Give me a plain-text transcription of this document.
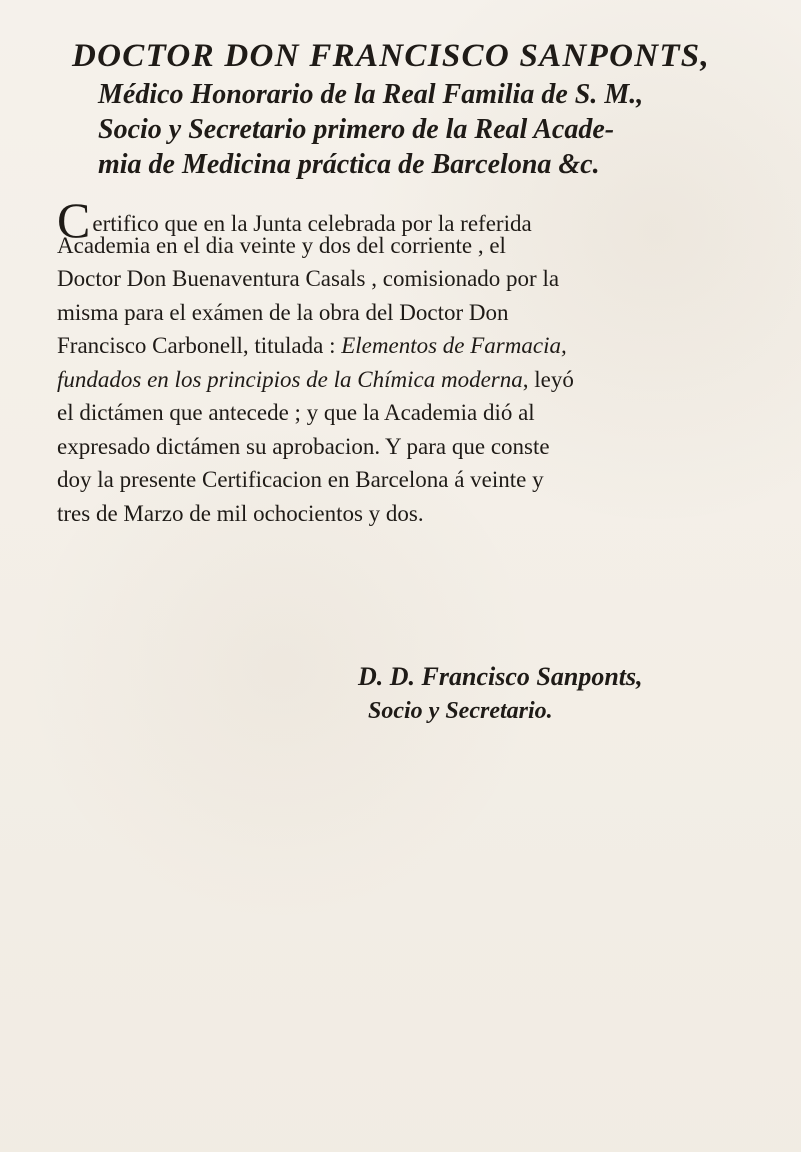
DOCTOR DON FRANCISCO SANPONTS,
Médico Honorario de la Real Familia de S. M.,
Socio y Secretario primero de la Real Acade-
mia de Medicina práctica de Barcelona &c.
Certifico que en la Junta celebrada por la referida
Academia en el dia veinte y dos del corriente , el
Doctor Don Buenaventura Casals , comisionado por la
misma para el exámen de la obra del Doctor Don
Francisco Carbonell, titulada : Elementos de Farmacia,
fundados en los principios de la Chímica moderna, leyó
el dictámen que antecede ; y que la Academia dió al
expresado dictámen su aprobacion. Y para que conste
doy la presente Certificacion en Barcelona á veinte y
tres de Marzo de mil ochocientos y dos.
D. D. Francisco Sanponts,
Socio y Secretario.
